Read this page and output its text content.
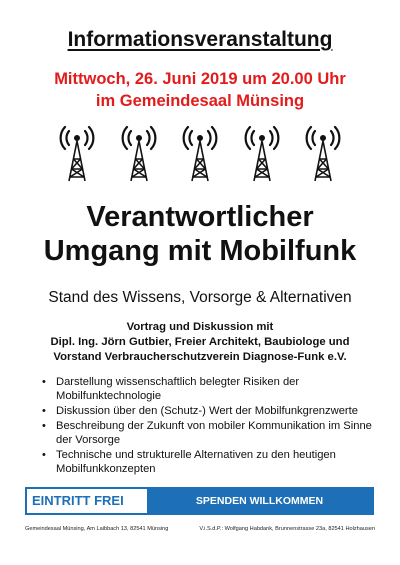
Informationsveranstaltung
Mittwoch, 26. Juni 2019 um 20.00 Uhr
im Gemeindesaal Münsing
Verantwortlicher
Umgang mit Mobilfunk
Stand des Wissens, Vorsorge & Alternativen
Vortrag und Diskussion mit
Dipl. Ing. Jörn Gutbier, Freier Architekt, Baubiologe und
Vorstand Verbraucherschutzverein Diagnose-Funk e.V.
• Darstellung wissenschaftlich belegter Risiken der Mobilfunktechnologie
• Diskussion über den (Schutz-) Wert der Mobilfunkgrenzwerte
• Beschreibung der Zukunft von mobiler Kommunikation im Sinne der Vorsorge
• Technische und strukturelle Alternativen zu den heutigen Mobilfunkkonzepten
EINTRITT FREI	SPENDEN WILLKOMMEN
Gemeindesaal Münsing, Am Laibbach 13, 82541 Münsing	V.i.S.d.P.: Wolfgang Habdank, Brunnenstrasse 23a, 82541 Holzhausen
